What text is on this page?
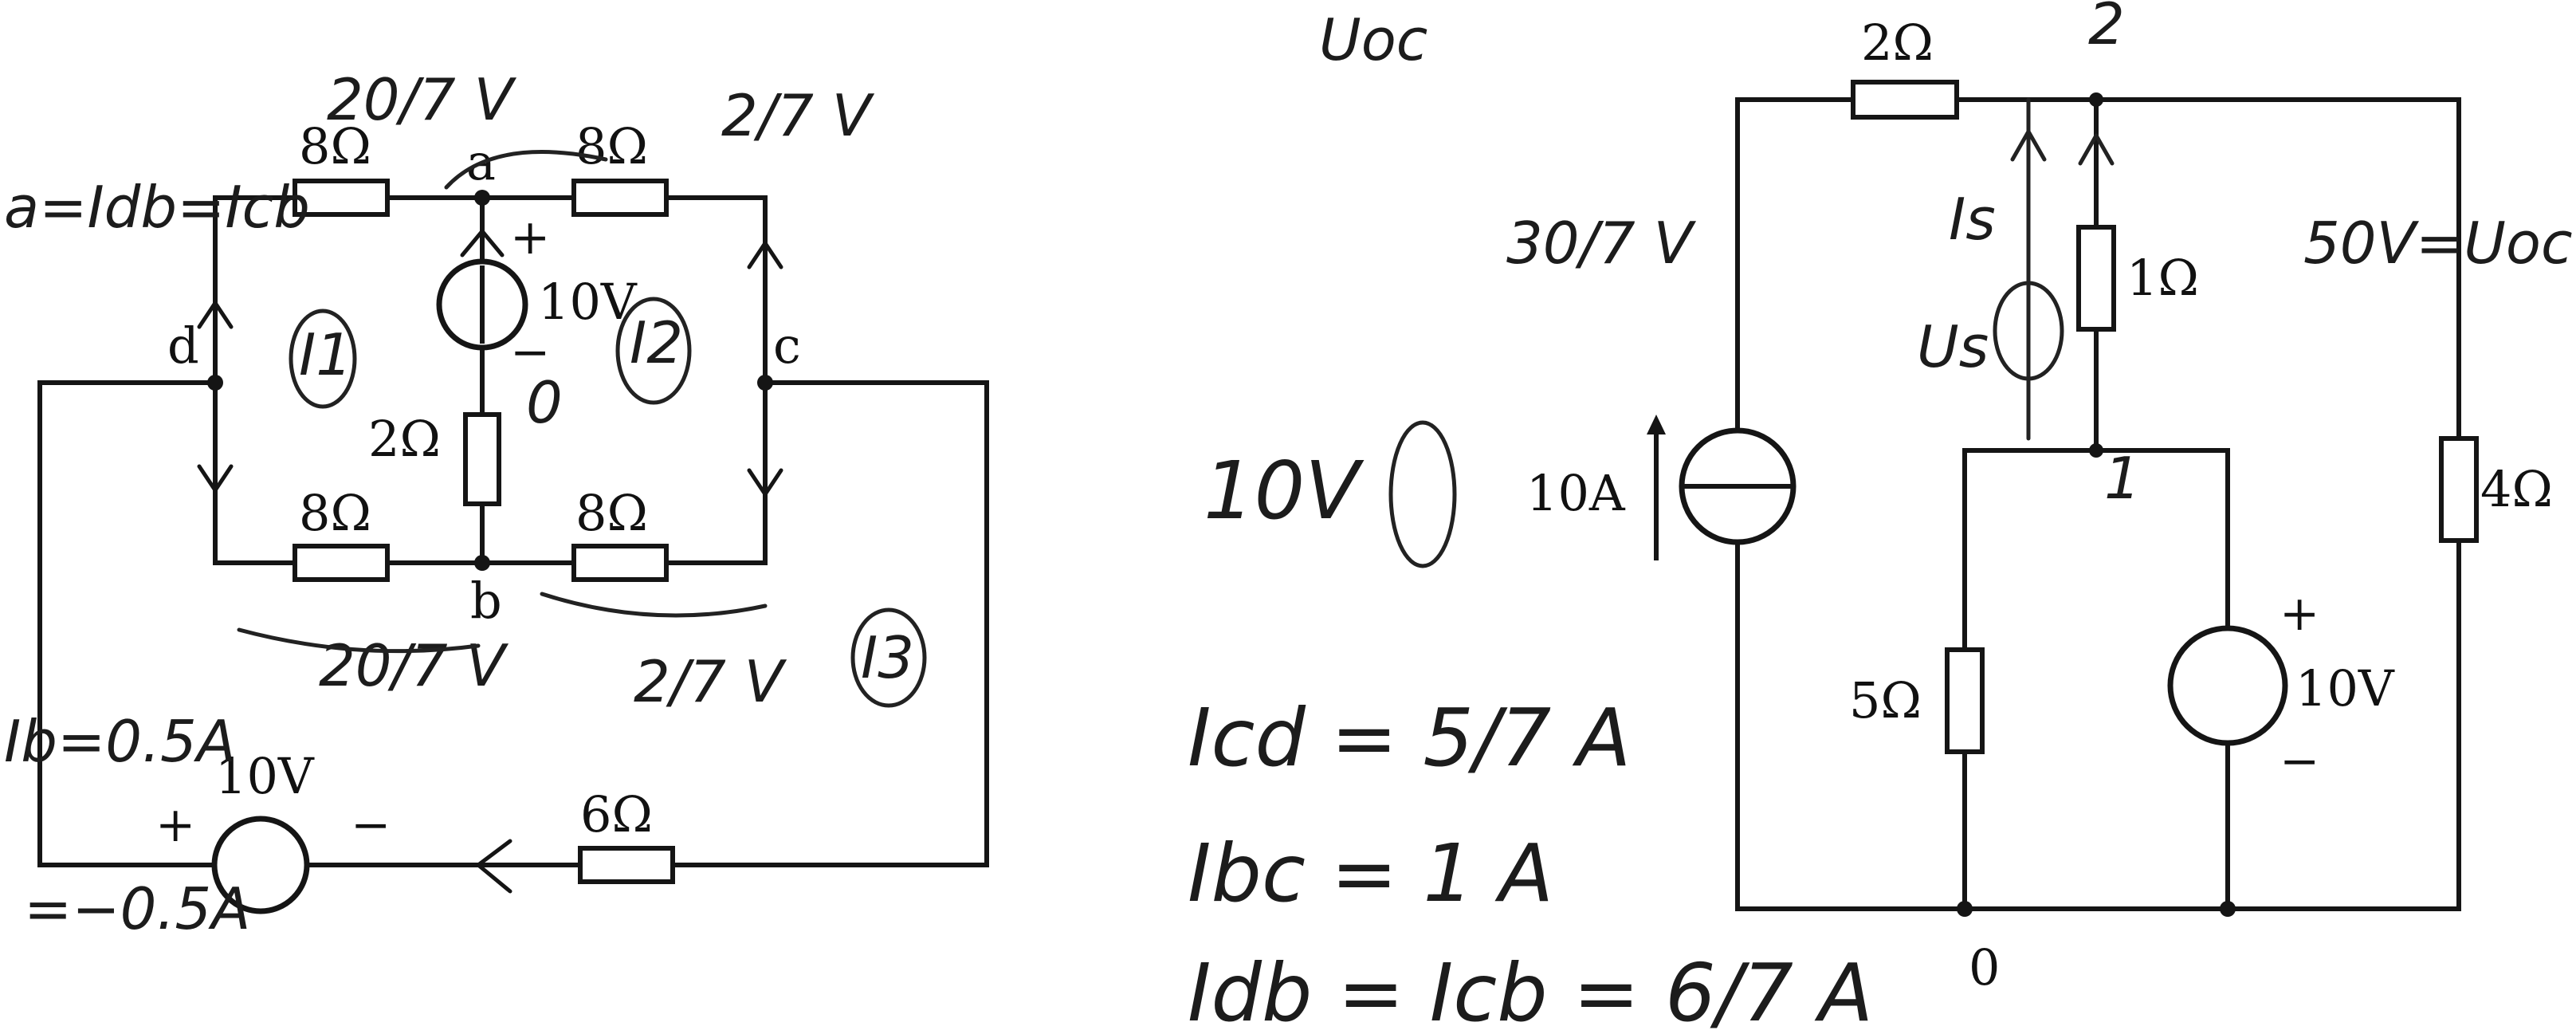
8Ω	8Ω
2Ω
8Ω	8Ω
6Ω
10V
10V
a
b
c
d
+
−
+	−
20/7 V	2/7 V
20/7 V 2/7 V
I1	I2
I3
0
a=Idb=Icb
Ib=0.5A
=−0.5A
2Ω
1Ω
4Ω
5Ω
10A
10V
+
−
0
Uoc
30/7 V
10V
2
1
Is
Us
50V=Uoc
Icd = 5/7 A
Ibc = 1 A
Idb = Icb = 6/7 A
